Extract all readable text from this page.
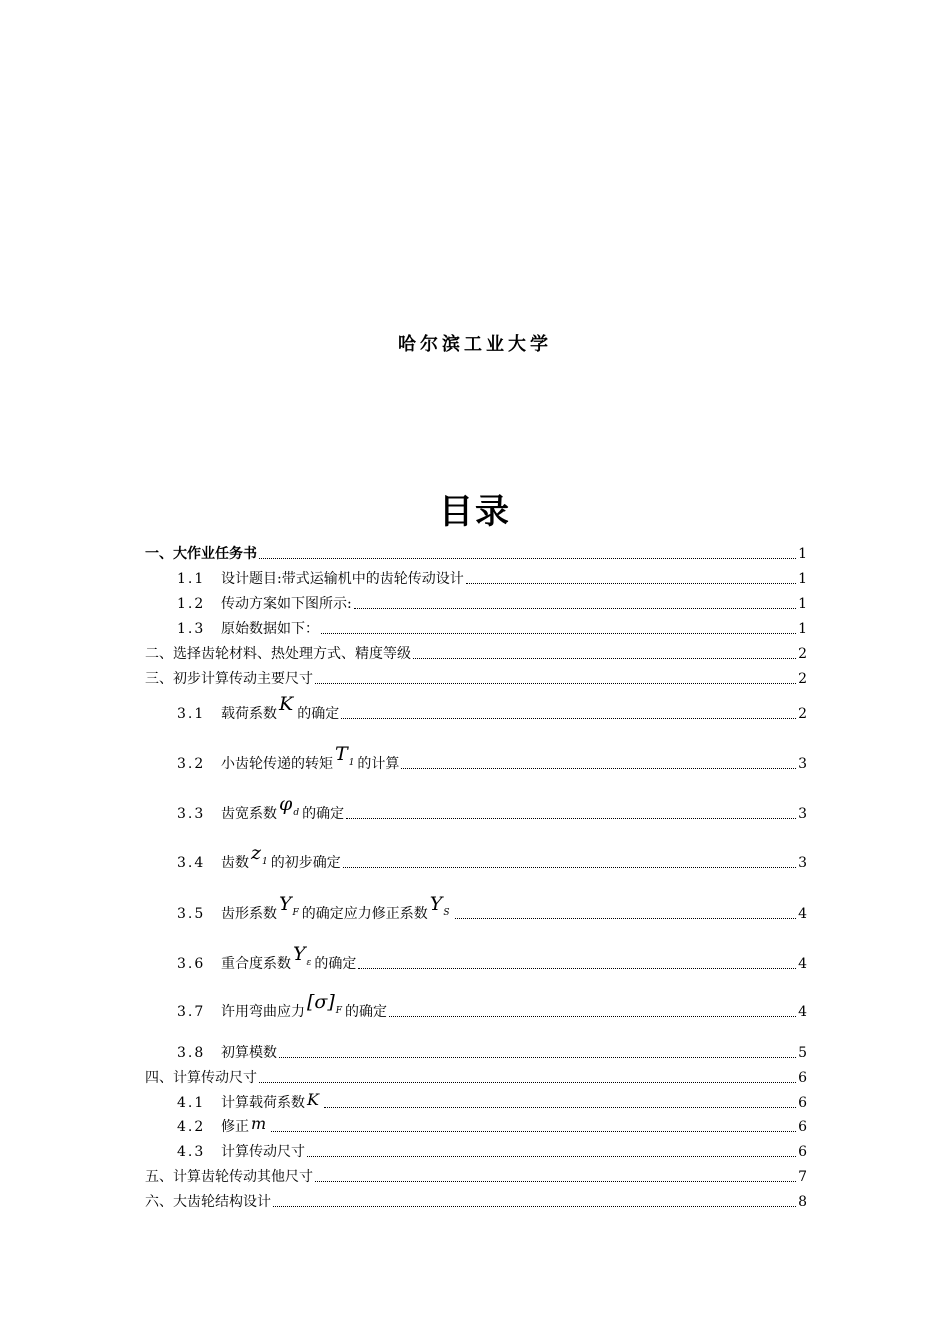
哈尔滨工业大学
目录
一、大作业任务书	1
1.1	设计题目:带式运输机中的齿轮传动设计	1
1.2	传动方案如下图所示:	1
1.3	原始数据如下：	1
二、选择齿轮材料、热处理方式、精度等级	2
三、初步计算传动主要尺寸	2
3.1	载荷系数 K 的确定	2
3.2	小齿轮传递的转矩 $T_1$ 的计算	3
3.3	齿宽系数 $\varphi_d$ 的确定	3
3.4	齿数 $z_1$ 的初步确定	3
3.5	齿形系数 $Y_F$ 的确定应力修正系数 $Y_S$	4
3.6	重合度系数 $Y_\varepsilon$ 的确定	4
3.7	许用弯曲应力 $[\sigma]_F$ 的确定	4
3.8	初算模数	5
四、计算传动尺寸	6
4.1	计算载荷系数 K	6
4.2	修正 m	6
4.3	计算传动尺寸	6
五、计算齿轮传动其他尺寸	7
六、大齿轮结构设计	8
